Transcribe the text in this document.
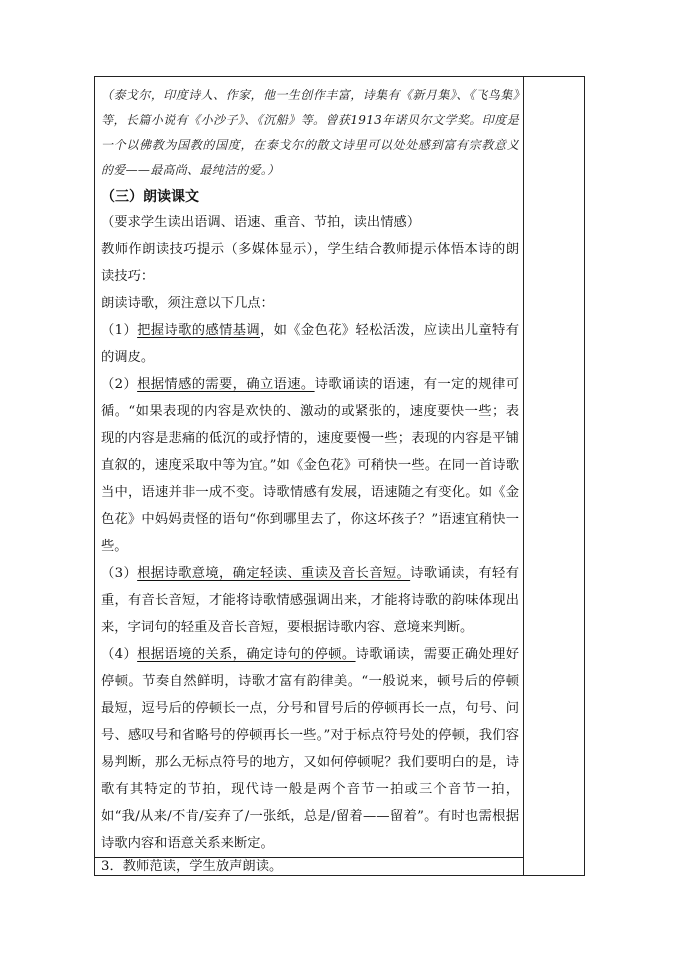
（泰戈尔，印度诗人、作家，他一生创作丰富，诗集有《新月集》、《飞鸟集》等，长篇小说有《小沙子》、《沉船》等。曾获1913年诺贝尔文学奖。印度是一个以佛教为国教的国度，在泰戈尔的散文诗里可以处处感到富有宗教意义的爱——最高尚、最纯洁的爱。）
（三）朗读课文
（要求学生读出语调、语速、重音、节拍，读出情感）
教师作朗读技巧提示（多媒体显示），学生结合教师提示体悟本诗的朗读技巧：
朗读诗歌，须注意以下几点：
（1）把握诗歌的感情基调，如《金色花》轻松活泼，应读出儿童特有的调皮。
（2）根据情感的需要，确立语速。诗歌诵读的语速，有一定的规律可循。“如果表现的内容是欢快的、激动的或紧张的，速度要快一些；表现的内容是悲痛的低沉的或抒情的，速度要慢一些；表现的内容是平铺直叙的，速度采取中等为宜。”如《金色花》可稍快一些。在同一首诗歌当中，语速并非一成不变。诗歌情感有发展，语速随之有变化。如《金色花》中妈妈责怪的语句“你到哪里去了，你这坏孩子？”语速宜稍快一些。
（3）根据诗歌意境，确定轻读、重读及音长音短。诗歌诵读，有轻有重，有音长音短，才能将诗歌情感强调出来，才能将诗歌的韵味体现出来，字词句的轻重及音长音短，要根据诗歌内容、意境来判断。
（4）根据语境的关系，确定诗句的停顿。诗歌诵读，需要正确处理好停顿。节奏自然鲜明，诗歌才富有韵律美。“一般说来，顿号后的停顿最短，逗号后的停顿长一点，分号和冒号后的停顿再长一点，句号、问号、感叹号和省略号的停顿再长一些。”对于标点符号处的停顿，我们容易判断，那么无标点符号的地方，又如何停顿呢？我们要明白的是，诗歌有其特定的节拍，现代诗一般是两个音节一拍或三个音节一拍，如“我/从来/不肯/妄弃了/一张纸，总是/留着——留着”。有时也需根据诗歌内容和语意关系来断定。
3．教师范读，学生放声朗读。
